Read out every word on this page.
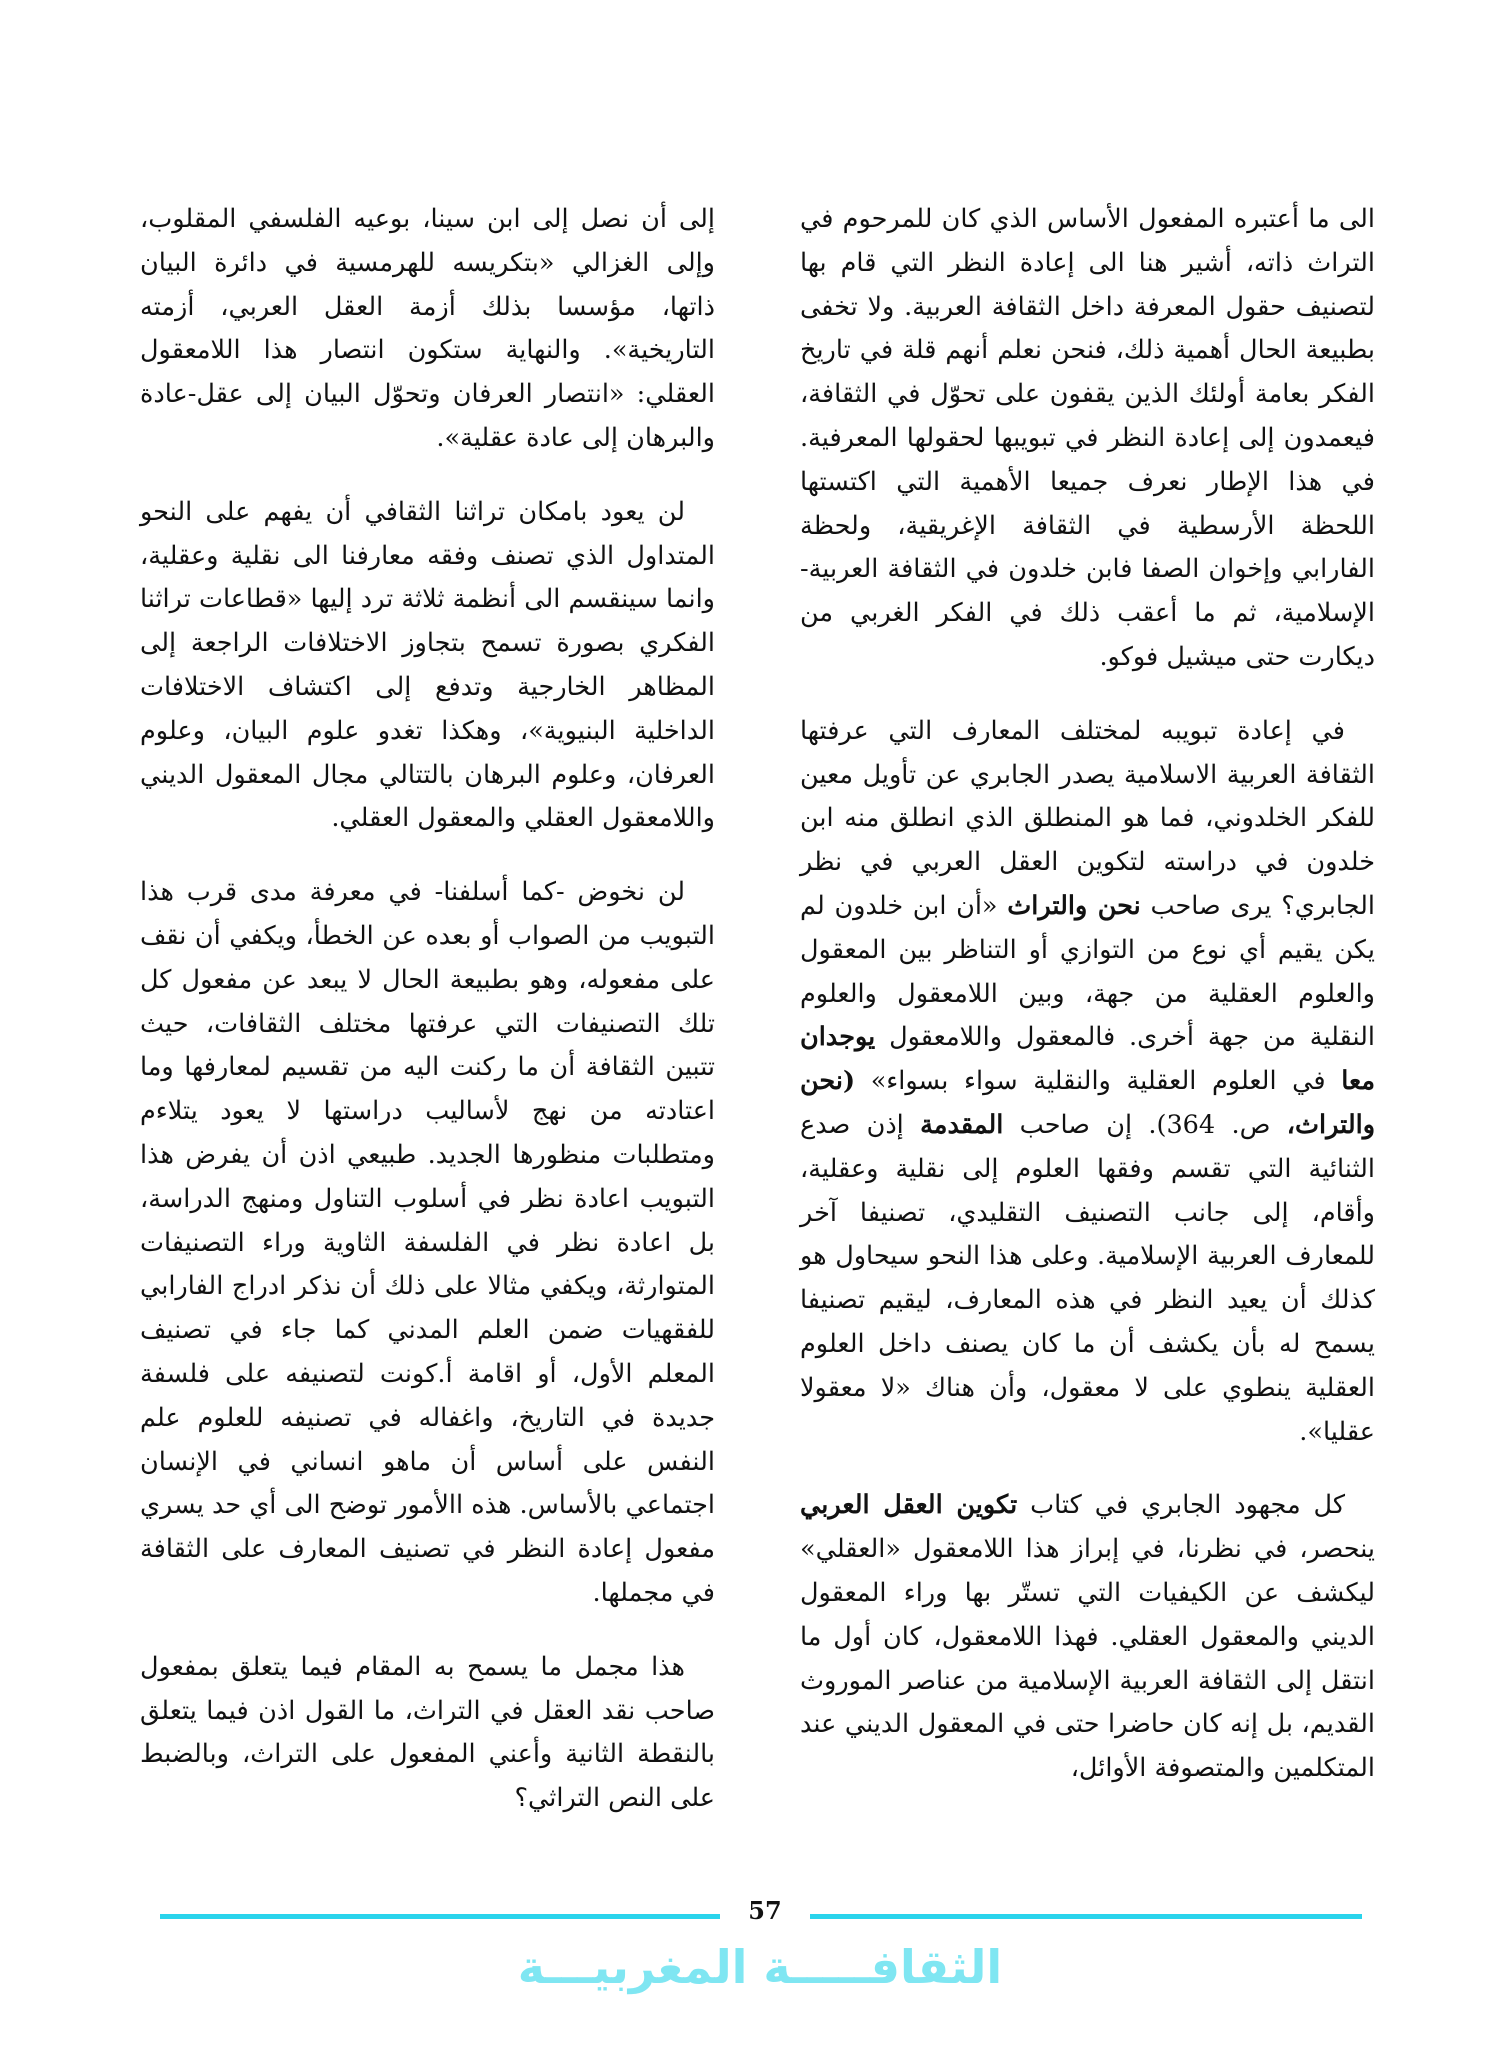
الى ما أعتبره المفعول الأساس الذي كان للمرحوم في التراث ذاته، أشير هنا الى إعادة النظر التي قام بها لتصنيف حقول المعرفة داخل الثقافة العربية. ولا تخفى بطبيعة الحال أهمية ذلك، فنحن نعلم أنهم قلة في تاريخ الفكر بعامة أولئك الذين يقفون على تحوّل في الثقافة، فيعمدون إلى إعادة النظر في تبويبها لحقولها المعرفية. في هذا الإطار نعرف جميعا الأهمية التي اكتستها اللحظة الأرسطية في الثقافة الإغريقية، ولحظة الفارابي وإخوان الصفا فابن خلدون في الثقافة العربية-الإسلامية، ثم ما أعقب ذلك في الفكر الغربي من ديكارت حتى ميشيل فوكو.

في إعادة تبويبه لمختلف المعارف التي عرفتها الثقافة العربية الاسلامية يصدر الجابري عن تأويل معين للفكر الخلدوني، فما هو المنطلق الذي انطلق منه ابن خلدون في دراسته لتكوين العقل العربي في نظر الجابري؟ يرى صاحب نحن والتراث «أن ابن خلدون لم يكن يقيم أي نوع من التوازي أو التناظر بين المعقول والعلوم العقلية من جهة، وبين اللامعقول والعلوم النقلية من جهة أخرى. فالمعقول واللامعقول يوجدان معا في العلوم العقلية والنقلية سواء بسواء» (نحن والتراث، ص. 364). إن صاحب المقدمة إذن صدع الثنائية التي تقسم وفقها العلوم إلى نقلية وعقلية، وأقام، إلى جانب التصنيف التقليدي، تصنيفا آخر للمعارف العربية الإسلامية. وعلى هذا النحو سيحاول هو كذلك أن يعيد النظر في هذه المعارف، ليقيم تصنيفا يسمح له بأن يكشف أن ما كان يصنف داخل العلوم العقلية ينطوي على لا معقول، وأن هناك «لا معقولا عقليا».

كل مجهود الجابري في كتاب تكوين العقل العربي ينحصر، في نظرنا، في إبراز هذا اللامعقول «العقلي» ليكشف عن الكيفيات التي تستّر بها وراء المعقول الديني والمعقول العقلي. فهذا اللامعقول، كان أول ما انتقل إلى الثقافة العربية الإسلامية من عناصر الموروث القديم، بل إنه كان حاضرا حتى في المعقول الديني عند المتكلمين والمتصوفة الأوائل،

إلى أن نصل إلى ابن سينا، بوعيه الفلسفي المقلوب، وإلى الغزالي «بتكريسه للهرمسية في دائرة البيان ذاتها، مؤسسا بذلك أزمة العقل العربي، أزمته التاريخية». والنهاية ستكون انتصار هذا اللامعقول العقلي: «انتصار العرفان وتحوّل البيان إلى عقل-عادة والبرهان إلى عادة عقلية».

لن يعود بامكان تراثنا الثقافي أن يفهم على النحو المتداول الذي تصنف وفقه معارفنا الى نقلية وعقلية، وانما سينقسم الى أنظمة ثلاثة ترد إليها «قطاعات تراثنا الفكري بصورة تسمح بتجاوز الاختلافات الراجعة إلى المظاهر الخارجية وتدفع إلى اكتشاف الاختلافات الداخلية البنيوية»، وهكذا تغدو علوم البيان، وعلوم العرفان، وعلوم البرهان بالتتالي مجال المعقول الديني واللامعقول العقلي والمعقول العقلي.

لن نخوض -كما أسلفنا- في معرفة مدى قرب هذا التبويب من الصواب أو بعده عن الخطأ، ويكفي أن نقف على مفعوله، وهو بطبيعة الحال لا يبعد عن مفعول كل تلك التصنيفات التي عرفتها مختلف الثقافات، حيث تتبين الثقافة أن ما ركنت اليه من تقسيم لمعارفها وما اعتادته من نهج لأساليب دراستها لا يعود يتلاءم ومتطلبات منظورها الجديد. طبيعي اذن أن يفرض هذا التبويب اعادة نظر في أسلوب التناول ومنهج الدراسة، بل اعادة نظر في الفلسفة الثاوية وراء التصنيفات المتوارثة، ويكفي مثالا على ذلك أن نذكر ادراج الفارابي للفقهيات ضمن العلم المدني كما جاء في تصنيف المعلم الأول، أو اقامة أ.كونت لتصنيفه على فلسفة جديدة في التاريخ، واغفاله في تصنيفه للعلوم علم النفس على أساس أن ماهو انساني في الإنسان اجتماعي بالأساس. هذه االأمور توضح الى أي حد يسري مفعول إعادة النظر في تصنيف المعارف على الثقافة في مجملها.

هذا مجمل ما يسمح به المقام فيما يتعلق بمفعول صاحب نقد العقل في التراث، ما القول اذن فيما يتعلق بالنقطة الثانية وأعني المفعول على التراث، وبالضبط على النص التراثي؟

57
الثقافـــــة المغربيـــة
